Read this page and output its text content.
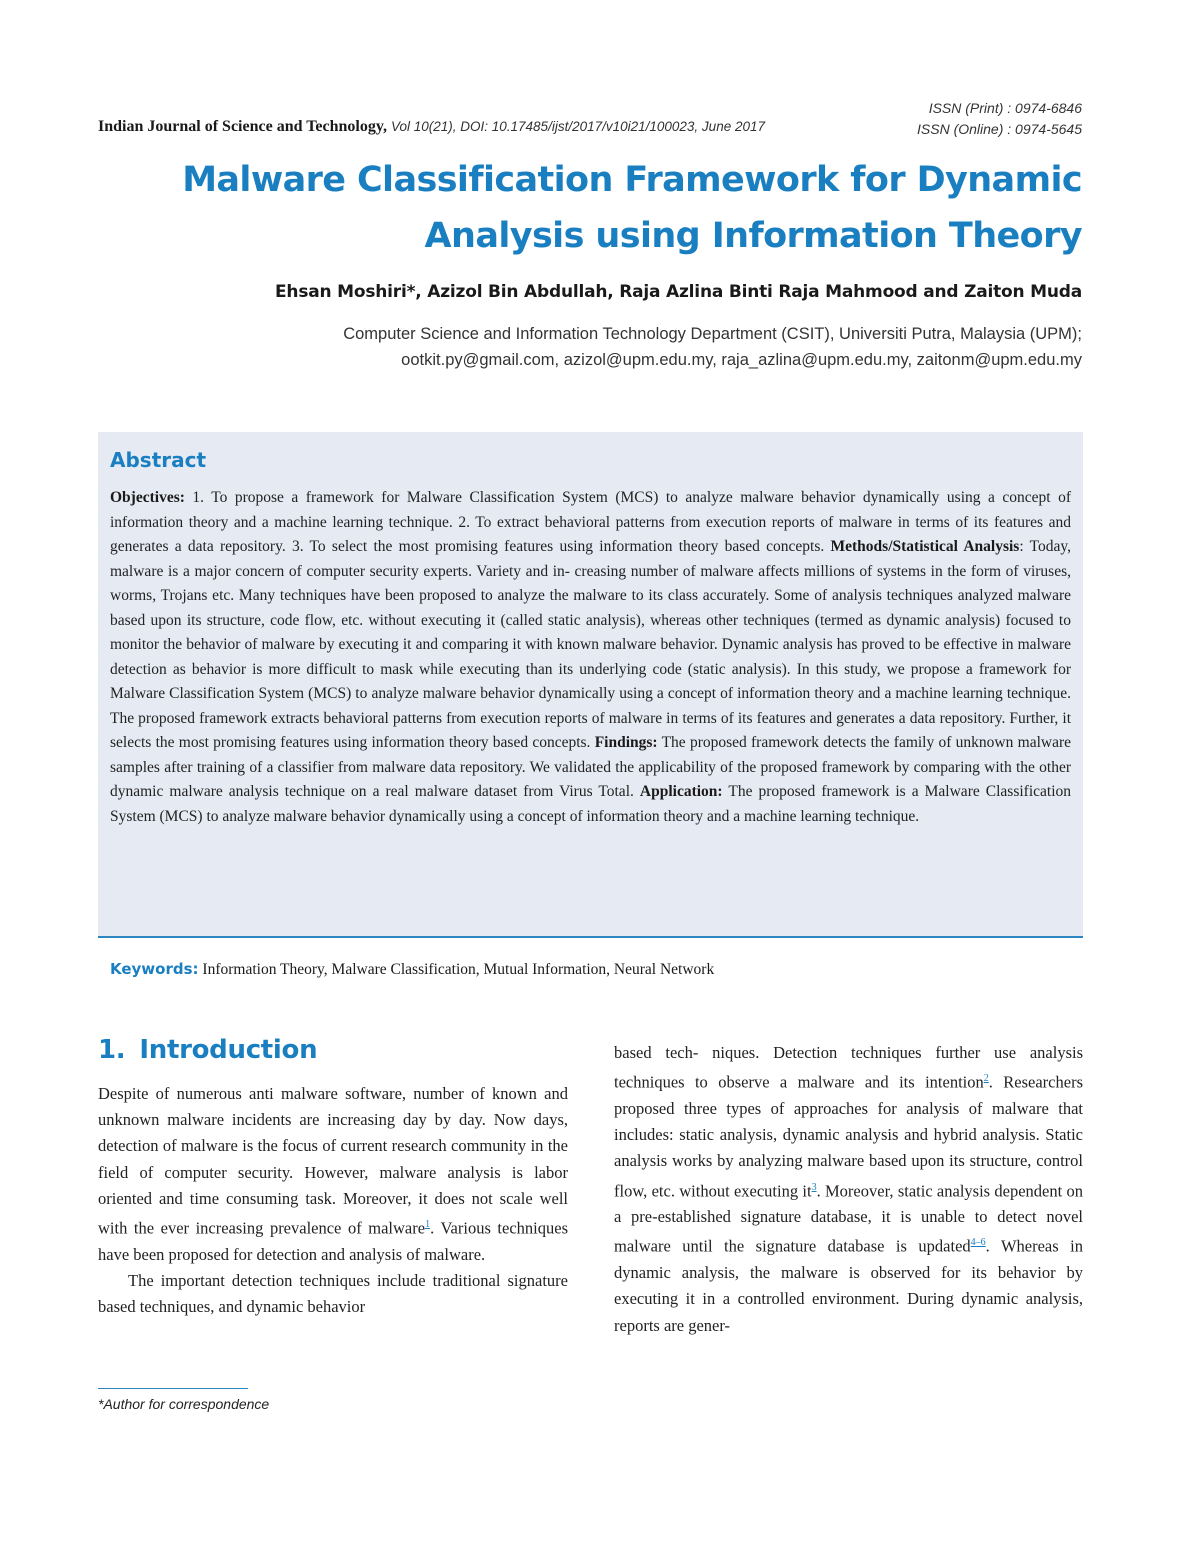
Indian Journal of Science and Technology, Vol 10(21), DOI: 10.17485/ijst/2017/v10i21/100023, June 2017
ISSN (Print) : 0974-6846
ISSN (Online) : 0974-5645
Malware Classification Framework for Dynamic
Analysis using Information Theory
Ehsan Moshiri*, Azizol Bin Abdullah, Raja Azlina Binti Raja Mahmood and Zaiton Muda
Computer Science and Information Technology Department (CSIT), Universiti Putra, Malaysia (UPM);
ootkit.py@gmail.com, azizol@upm.edu.my, raja_azlina@upm.edu.my, zaitonm@upm.edu.my
Abstract

Objectives: 1. To propose a framework for Malware Classification System (MCS) to analyze malware behavior dynamically using a concept of information theory and a machine learning technique. 2. To extract behavioral patterns from execution reports of malware in terms of its features and generates a data repository. 3. To select the most promising features using information theory based concepts. Methods/Statistical Analysis: Today, malware is a major concern of computer security experts. Variety and in- creasing number of malware affects millions of systems in the form of viruses, worms, Trojans etc. Many techniques have been proposed to analyze the malware to its class accurately. Some of analysis techniques analyzed malware based upon its structure, code flow, etc. without executing it (called static analysis), whereas other techniques (termed as dynamic analysis) focused to monitor the behavior of malware by executing it and comparing it with known malware behavior. Dynamic analysis has proved to be effective in malware detection as behavior is more difficult to mask while executing than its underlying code (static analysis). In this study, we propose a framework for Malware Classification System (MCS) to analyze malware behavior dynamically using a concept of information theory and a machine learning technique. The proposed framework extracts behavioral patterns from execution reports of malware in terms of its features and generates a data repository. Further, it selects the most promising features using information theory based concepts. Findings: The proposed framework detects the family of unknown malware samples after training of a classifier from malware data repository. We validated the applicability of the proposed framework by comparing with the other dynamic malware analysis technique on a real malware dataset from Virus Total. Application: The proposed framework is a Malware Classification System (MCS) to analyze malware behavior dynamically using a concept of information theory and a machine learning technique.

Keywords: Information Theory, Malware Classification, Mutual Information, Neural Network
1. Introduction

Despite of numerous anti malware software, number of known and unknown malware incidents are increasing day by day. Now days, detection of malware is the focus of current research community in the field of computer security. However, malware analysis is labor oriented and time consuming task. Moreover, it does not scale well with the ever increasing prevalence of malware$^1$. Various techniques have been proposed for detection and analysis of malware.

The important detection techniques include traditional signature based techniques, and dynamic behavior

based tech- niques. Detection techniques further use analysis techniques to observe a malware and its intention$^2$. Researchers proposed three types of approaches for analysis of malware that includes: static analysis, dynamic analysis and hybrid analysis. Static analysis works by analyzing malware based upon its structure, control flow, etc. without executing it$^3$. Moreover, static analysis dependent on a pre-established signature database, it is unable to detect novel malware until the signature database is updated$^{4-6}$. Whereas in dynamic analysis, the malware is observed for its behavior by executing it in a controlled environment. During dynamic analysis, reports are gener-

*Author for correspondence
